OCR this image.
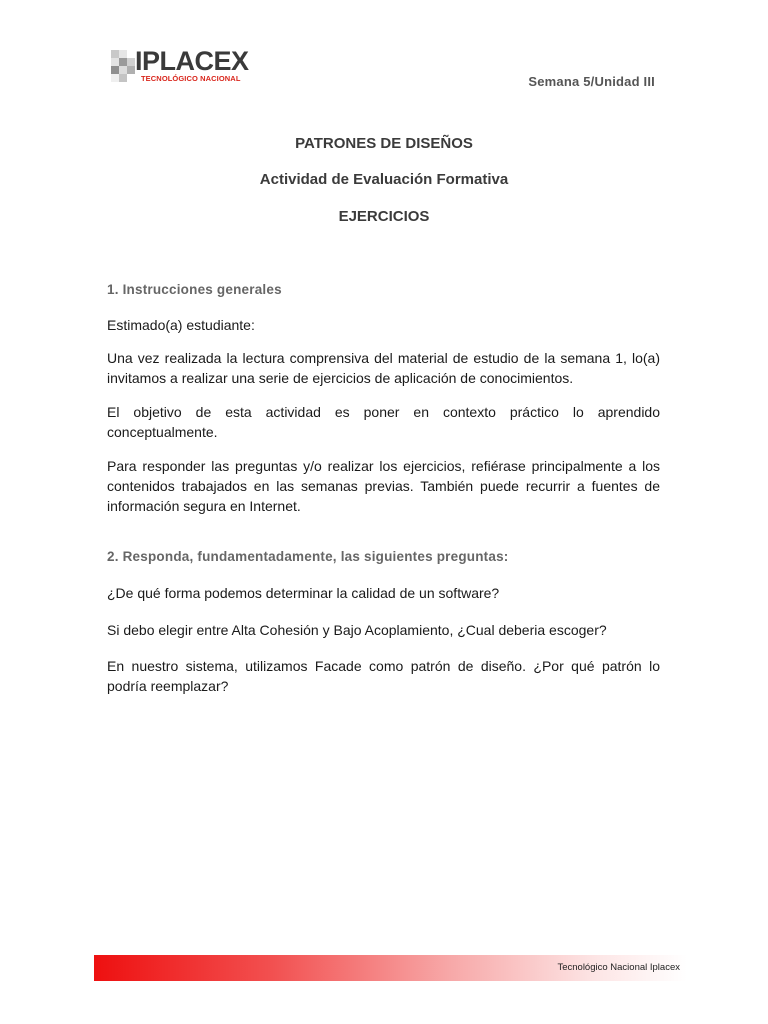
IPLACEX
TECNOLÓGICO NACIONAL	Semana 5/Unidad III
PATRONES DE DISEÑOS
Actividad de Evaluación Formativa
EJERCICIOS
1. Instrucciones generales

Estimado(a) estudiante:

Una vez realizada la lectura comprensiva del material de estudio de la semana 1, lo(a) invitamos a realizar una serie de ejercicios de aplicación de conocimientos.

El objetivo de esta actividad es poner en contexto práctico lo aprendido conceptualmente.

Para responder las preguntas y/o realizar los ejercicios, refiérase principalmente a los contenidos trabajados en las semanas previas. También puede recurrir a fuentes de información segura en Internet.

2. Responda, fundamentadamente, las siguientes preguntas:

¿De qué forma podemos determinar la calidad de un software?

Si debo elegir entre Alta Cohesión y Bajo Acoplamiento, ¿Cual deberia escoger?

En nuestro sistema, utilizamos Facade como patrón de diseño. ¿Por qué patrón lo podría reemplazar?

Tecnológico Nacional Iplacex
